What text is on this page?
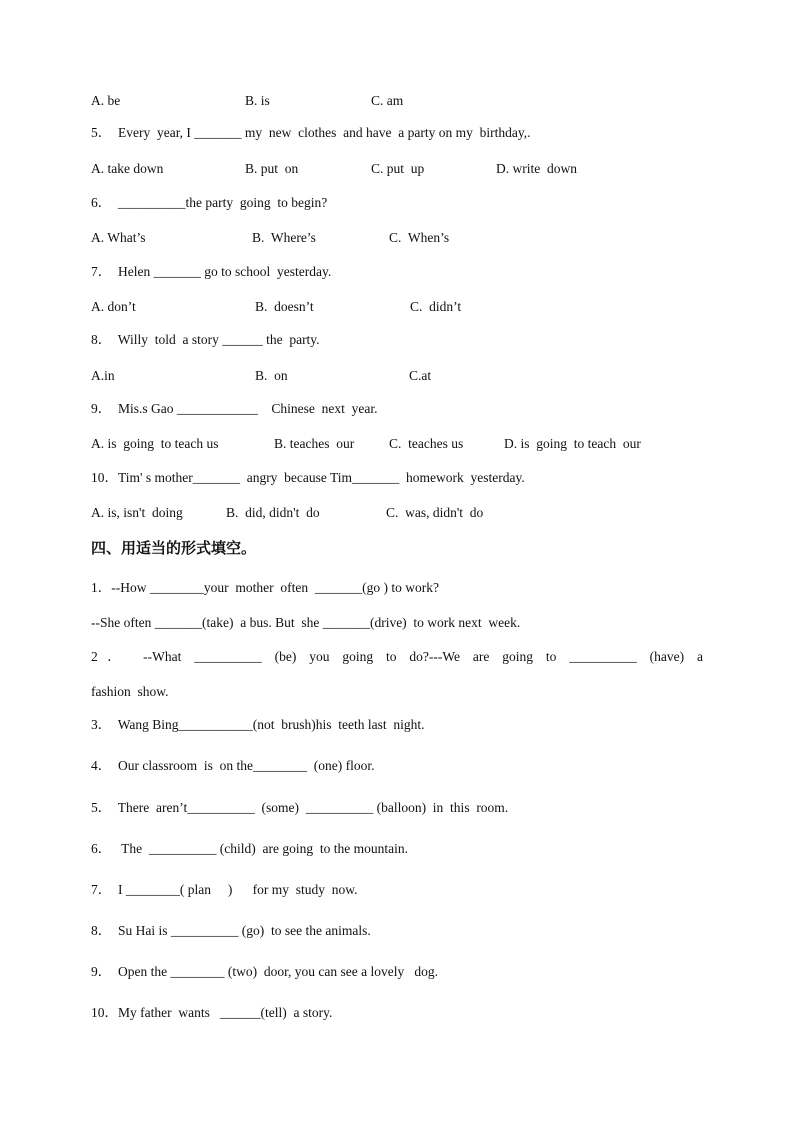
A. be	B. is	C. am
5．  Every  year, I _______ my  new  clothes  and have  a party on my  birthday,.
A. take down	B. put  on	C. put  up	D. write  down
6．  __________the party  going  to begin?
A. What’s	B.  Where’s	C.  When’s
7．  Helen _______ go to school  yesterday.
A. don’t	B.  doesn’t	C.  didn’t
8．  Willy  told  a story ______ the  party.
A.in	B.  on	C.at
9．  Mis.s Gao ____________    Chinese  next  year.
A. is  going  to teach us	B. teaches  our	C.  teaches us	D. is  going  to teach  our
10．Tim' s mother_______  angry  because Tim_______  homework  yesterday.
A. is, isn't  doing	B.  did, didn't  do	C.  was, didn't  do
四、用适当的形式填空。
1．--How ________your  mother  often  _______(go ) to work?
--She often _______(take)  a bus. But  she _______(drive)  to work next  week.
2． --What __________ (be) you going to do?---We are going to __________ (have) a
fashion  show.
3．  Wang Bing___________(not  brush)his  teeth last  night.
4．  Our classroom  is  on the________  (one) floor.
5．  There  aren’t__________  (some)  __________ (balloon)  in  this  room.
6．   The  __________ (child)  are going  to the mountain.
7．  I ________( plan     )      for my  study  now.
8．  Su Hai is __________ (go)  to see the animals.
9．  Open the ________ (two)  door, you can see a lovely   dog.
10．My father  wants   ______(tell)  a story.
